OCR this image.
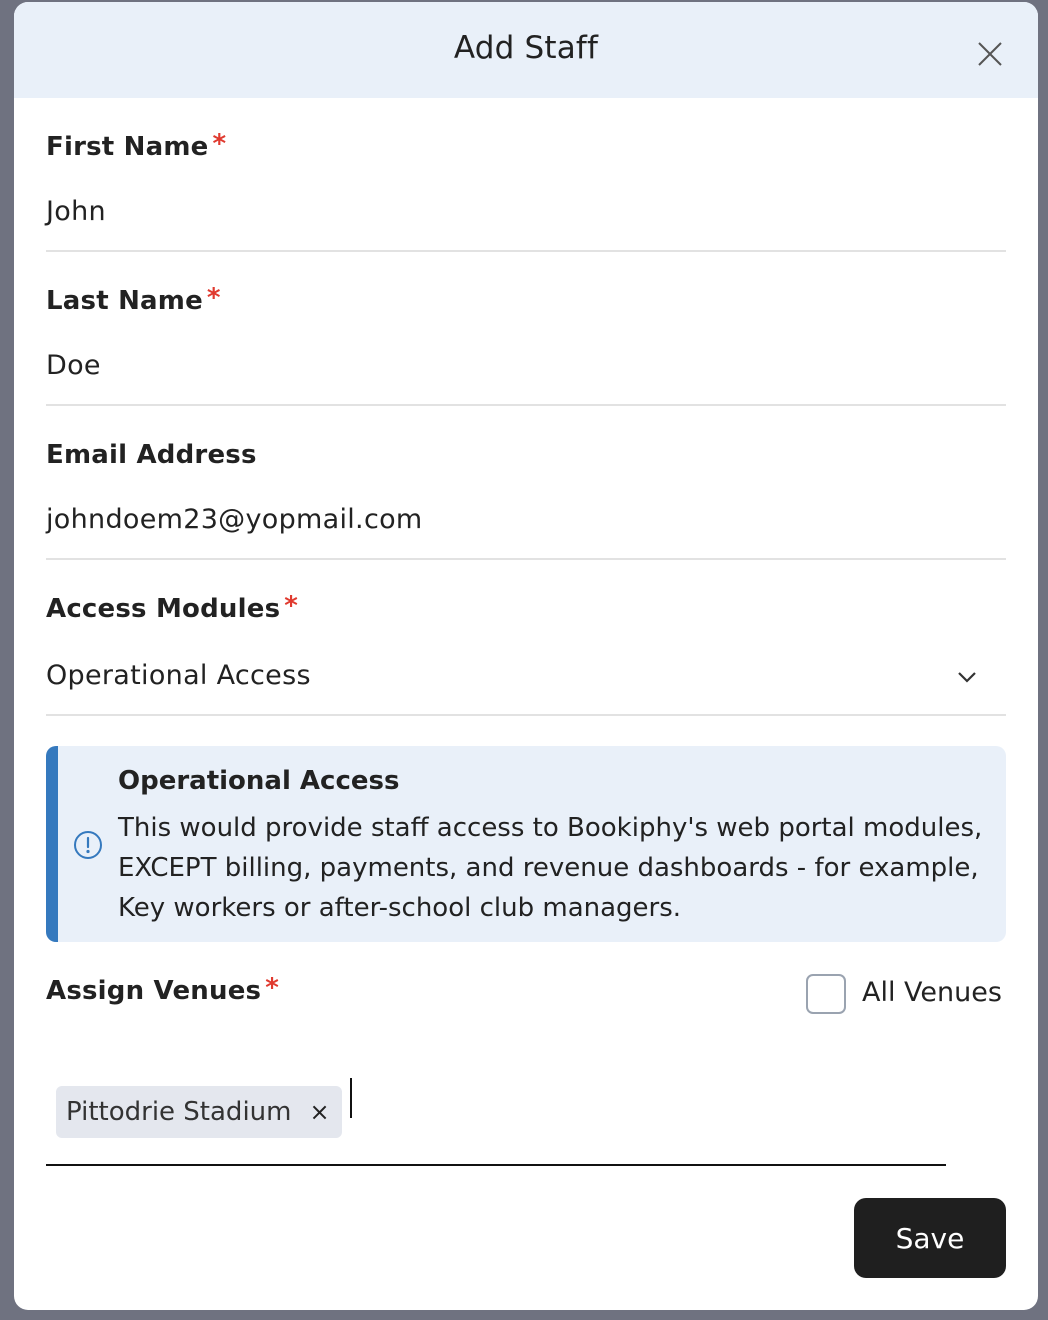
Add Staff
First Name *
John
Last Name *
Doe
Email Address
johndoem23@yopmail.com
Access Modules *
Operational Access
Operational Access
This would provide staff access to Bookiphy's web portal modules, EXCEPT billing, payments, and revenue dashboards - for example, Key workers or after-school club managers.
Assign Venues *	All Venues
Pittodrie Stadium ×
Save
